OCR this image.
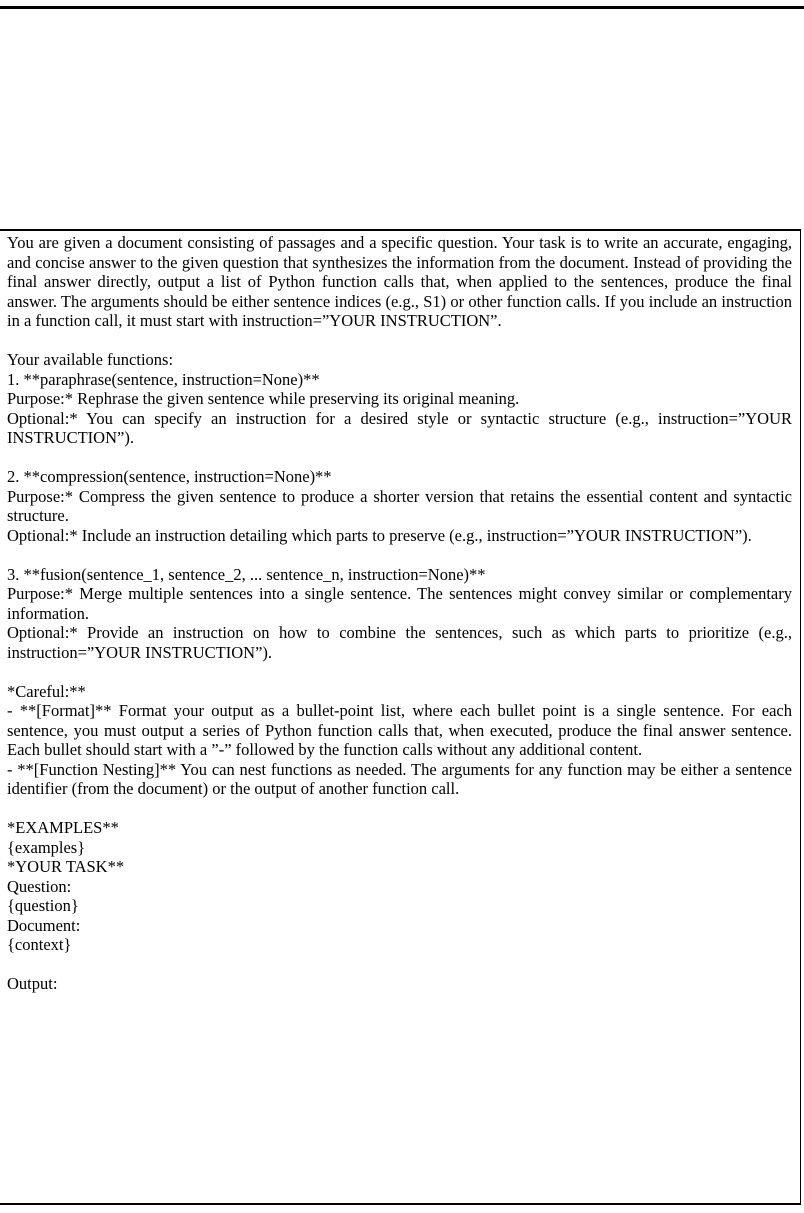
You are given a document consisting of passages and a specific question. Your task is to write an accurate, engaging, and concise answer to the given question that synthesizes the information from the document. Instead of providing the final answer directly, output a list of Python function calls that, when applied to the sentences, produce the final answer. The arguments should be either sentence indices (e.g., S1) or other function calls. If you include an instruction in a function call, it must start with instruction=”YOUR INSTRUCTION”.

Your available functions:

1. **paraphrase(sentence, instruction=None)**

Purpose:* Rephrase the given sentence while preserving its original meaning.

Optional:* You can specify an instruction for a desired style or syntactic structure (e.g., instruction=”YOUR INSTRUCTION”).

2. **compression(sentence, instruction=None)**

Purpose:* Compress the given sentence to produce a shorter version that retains the essential content and syntactic structure.

Optional:* Include an instruction detailing which parts to preserve (e.g., instruction=”YOUR INSTRUCTION”).

3. **fusion(sentence_1, sentence_2, ... sentence_n, instruction=None)**

Purpose:* Merge multiple sentences into a single sentence. The sentences might convey similar or complementary information.

Optional:* Provide an instruction on how to combine the sentences, such as which parts to prioritize (e.g., instruction=”YOUR INSTRUCTION”).

*Careful:**

- **[Format]** Format your output as a bullet-point list, where each bullet point is a single sentence. For each sentence, you must output a series of Python function calls that, when executed, produce the final answer sentence. Each bullet should start with a ”-” followed by the function calls without any additional content.

- **[Function Nesting]** You can nest functions as needed. The arguments for any function may be either a sentence identifier (from the document) or the output of another function call.

*EXAMPLES**

{examples}

*YOUR TASK**

Question:

{question}

Document:

{context}

Output:
